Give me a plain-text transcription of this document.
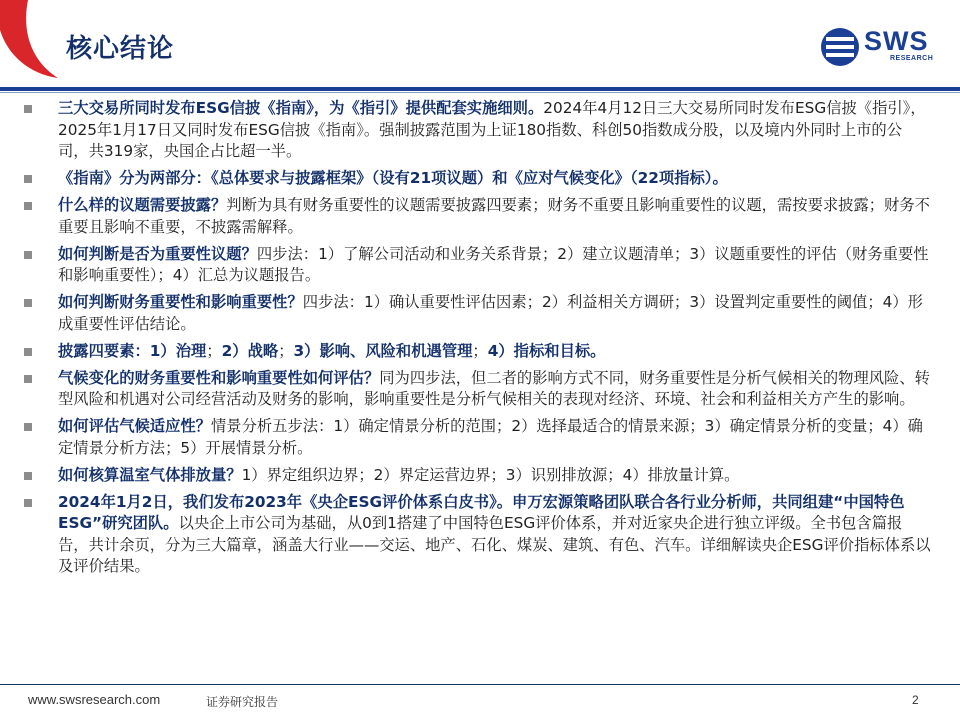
核心结论	SWS
RESEARCH
三大交易所同时发布ESG信披《指南》，为《指引》提供配套实施细则。2024年4月12日三大交易所同时发布ESG信披《指引》，2025年1月17日又同时发布ESG信披《指南》。强制披露范围为上证180指数、科创50指数成分股，以及境内外同时上市的公司，共319家，央国企占比超一半。
《指南》分为两部分：《总体要求与披露框架》（设有21项议题）和《应对气候变化》（22项指标）。
什么样的议题需要披露？判断为具有财务重要性的议题需要披露四要素；财务不重要且影响重要性的议题，需按要求披露；财务不重要且影响不重要，不披露需解释。
如何判断是否为重要性议题？四步法：1）了解公司活动和业务关系背景；2）建立议题清单；3）议题重要性的评估（财务重要性和影响重要性）；4）汇总为议题报告。
如何判断财务重要性和影响重要性？四步法：1）确认重要性评估因素；2）利益相关方调研；3）设置判定重要性的阈值；4）形成重要性评估结论。
披露四要素：1）治理；2）战略；3）影响、风险和机遇管理；4）指标和目标。
气候变化的财务重要性和影响重要性如何评估？同为四步法，但二者的影响方式不同，财务重要性是分析气候相关的物理风险、转型风险和机遇对公司经营活动及财务的影响，影响重要性是分析气候相关的表现对经济、环境、社会和利益相关方产生的影响。
如何评估气候适应性？情景分析五步法：1）确定情景分析的范围；2）选择最适合的情景来源；3）确定情景分析的变量；4）确定情景分析方法；5）开展情景分析。
如何核算温室气体排放量？1）界定组织边界；2）界定运营边界；3）识别排放源；4）排放量计算。
2024年1月2日，我们发布2023年《央企ESG评价体系白皮书》。申万宏源策略团队联合各行业分析师，共同组建“中国特色ESG”研究团队。以央企上市公司为基础，从0到1搭建了中国特色ESG评价体系，并对近家央企进行独立评级。全书包含篇报告，共计余页，分为三大篇章，涵盖大行业——交运、地产、石化、煤炭、建筑、有色、汽车。详细解读央企ESG评价指标体系以及评价结果。
www.swsresearch.com	证券研究报告	2
